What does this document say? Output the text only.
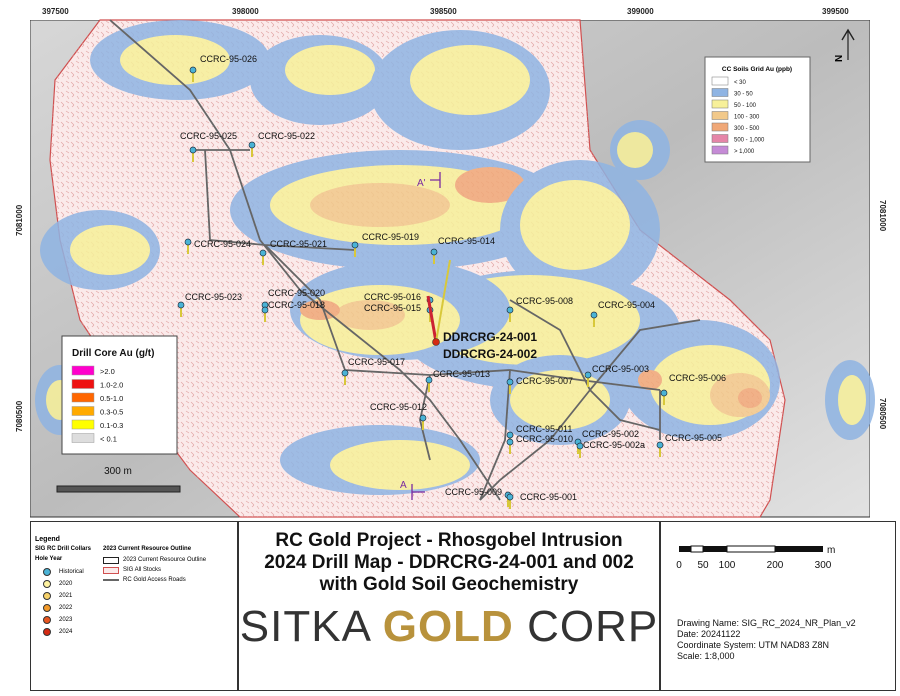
CC Soils Grid Au (ppb)
< 30
30 - 50
50 - 100
100 - 300
300 - 500
500 - 1,000
> 1,000
N
397500	398000	398500	399000	399500
7081000
7080500
7081000
7080500
A'
A
CCRC-95-026
CCRC-95-025 CCRC-95-022
CCRC-95-024 CCRC-95-021
CCRC-95-019 CCRC-95-014
CCRC-95-023	CCRC-95-020
CCRC-95-018
CCRC-95-016
CCRC-95-015
CCRC-95-008	CCRC-95-004
CCRC-95-017
CCRC-95-013	CCRC-95-003
CCRC-95-007	CCRC-95-006
CCRC-95-012
CCRC-95-011
CCRC-95-010 CCRC-95-002
CCRC-95-002a
CCRC-95-005
CCRC-95-009 CCRC-95-001
DDRCRG-24-001
DDRCRG-24-002
300 m
Drill Core Au (g/t)
>2.0
1.0-2.0
0.5-1.0
0.3-0.5
0.1-0.3
< 0.1
Legend
SIG RC Drill Collars 2023 Current Resource Outline
Hole Year
Historical
2020
2021
2022
2023
2024
2023 Current Resource Outline
SIG All Stocks
RC Gold Access Roads
RC Gold Project - Rhosgobel Intrusion
2024 Drill Map - DDRCRG-24-001 and 002
with Gold Soil Geochemistry
SITKA GOLD CORP
m
0 50 100	200	300
Drawing Name: SIG_RC_2024_NR_Plan_v2
Date: 20241122
Coordinate System: UTM NAD83 Z8N
Scale: 1:8,000
